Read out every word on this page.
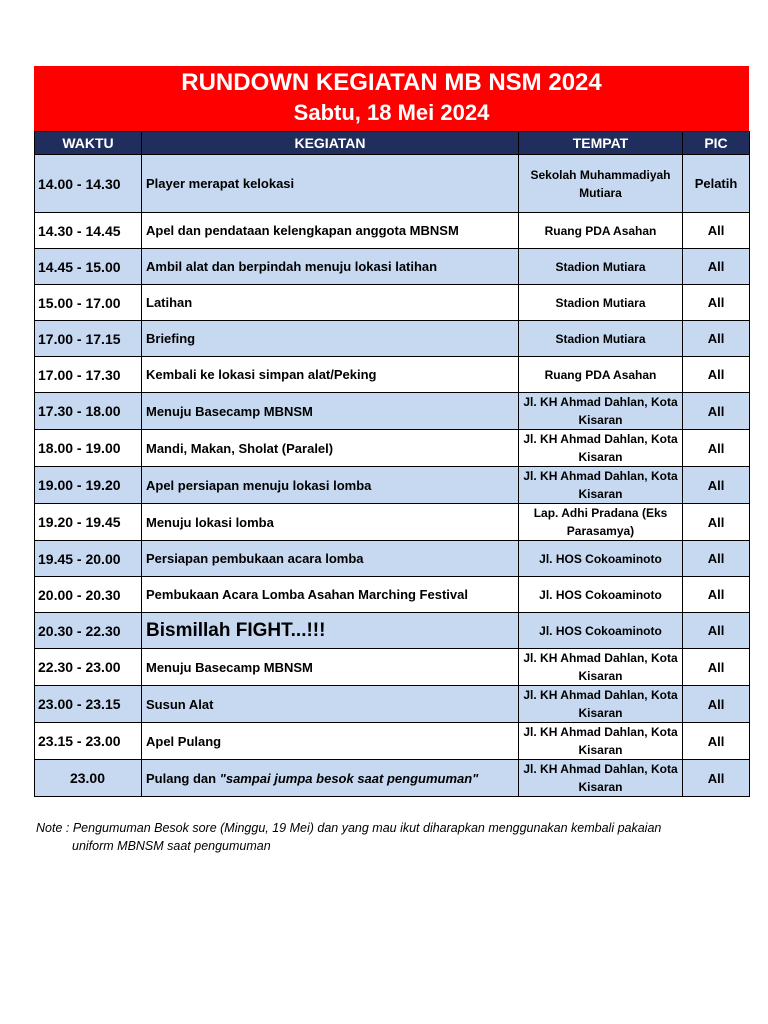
RUNDOWN KEGIATAN MB NSM 2024
Sabtu, 18 Mei 2024
WAKTU	KEGIATAN	TEMPAT	PIC
14.00 - 14.30	Player merapat kelokasi	Sekolah Muhammadiyah Mutiara	Pelatih
14.30 - 14.45	Apel dan pendataan kelengkapan anggota MBNSM	Ruang PDA Asahan	All
14.45 - 15.00	Ambil alat dan berpindah menuju lokasi latihan	Stadion Mutiara	All
15.00 - 17.00	Latihan	Stadion Mutiara	All
17.00 - 17.15	Briefing	Stadion Mutiara	All
17.00 - 17.30	Kembali ke lokasi simpan alat/Peking	Ruang PDA Asahan	All
17.30 - 18.00	Menuju Basecamp MBNSM	Jl. KH Ahmad Dahlan, Kota Kisaran	All
18.00 - 19.00	Mandi, Makan, Sholat (Paralel)	Jl. KH Ahmad Dahlan, Kota Kisaran	All
19.00 - 19.20	Apel persiapan menuju lokasi lomba	Jl. KH Ahmad Dahlan, Kota Kisaran	All
19.20 - 19.45	Menuju lokasi lomba	Lap. Adhi Pradana (Eks Parasamya)	All
19.45 - 20.00	Persiapan pembukaan acara lomba	Jl. HOS Cokoaminoto	All
20.00 - 20.30	Pembukaan Acara Lomba Asahan Marching Festival	Jl. HOS Cokoaminoto	All
20.30 - 22.30	Bismillah FIGHT...!!!	Jl. HOS Cokoaminoto	All
22.30 - 23.00	Menuju Basecamp MBNSM	Jl. KH Ahmad Dahlan, Kota Kisaran	All
23.00 - 23.15	Susun Alat	Jl. KH Ahmad Dahlan, Kota Kisaran	All
23.15 - 23.00	Apel Pulang	Jl. KH Ahmad Dahlan, Kota Kisaran	All
23.00	Pulang dan "sampai jumpa besok saat pengumuman"	Jl. KH Ahmad Dahlan, Kota Kisaran	All
Note : Pengumuman Besok sore (Minggu, 19 Mei) dan yang mau ikut diharapkan menggunakan kembali pakaian
uniform MBNSM saat pengumuman
